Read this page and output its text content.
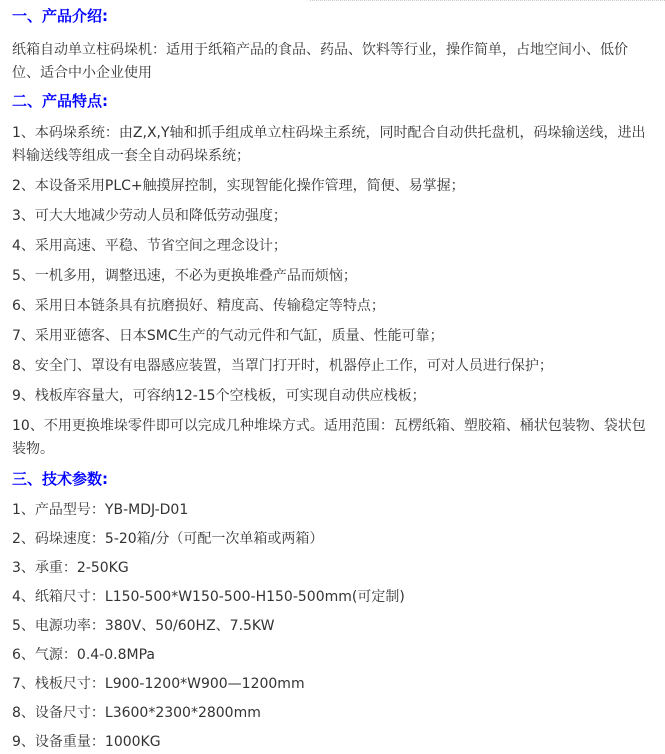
一、产品介绍:

纸箱自动单立柱码垛机：适用于纸箱产品的食品、药品、饮料等行业，操作简单，占地空间小、低价位、适合中小企业使用

二、产品特点:

1、本码垛系统：由Z,X,Y轴和抓手组成单立柱码垛主系统，同时配合自动供托盘机，码垛输送线，进出料输送线等组成一套全自动码垛系统；

2、本设备采用PLC+触摸屏控制，实现智能化操作管理，简便、易掌握；

3、可大大地减少劳动人员和降低劳动强度；

4、采用高速、平稳、节省空间之理念设计；

5、一机多用，调整迅速，不必为更换堆叠产品而烦恼；

6、采用日本链条具有抗磨损好、精度高、传输稳定等特点；

7、采用亚德客、日本SMC生产的气动元件和气缸，质量、性能可靠；

8、安全门、罩设有电器感应装置，当罩门打开时，机器停止工作，可对人员进行保护；

9、栈板库容量大，可容纳12-15个空栈板，可实现自动供应栈板；

10、不用更换堆垛零件即可以完成几种堆垛方式。适用范围：瓦楞纸箱、塑胶箱、桶状包装物、袋状包装物。

三、技术参数:

1、产品型号：YB-MDJ-D01

2、码垛速度：5-20箱/分（可配一次单箱或两箱）

3、承重：2-50KG

4、纸箱尺寸：L150-500*W150-500-H150-500mm(可定制)

5、电源功率：380V、50/60HZ、7.5KW

6、气源：0.4-0.8MPa

7、栈板尺寸：L900-1200*W900—1200mm

8、设备尺寸：L3600*2300*2800mm

9、设备重量：1000KG
